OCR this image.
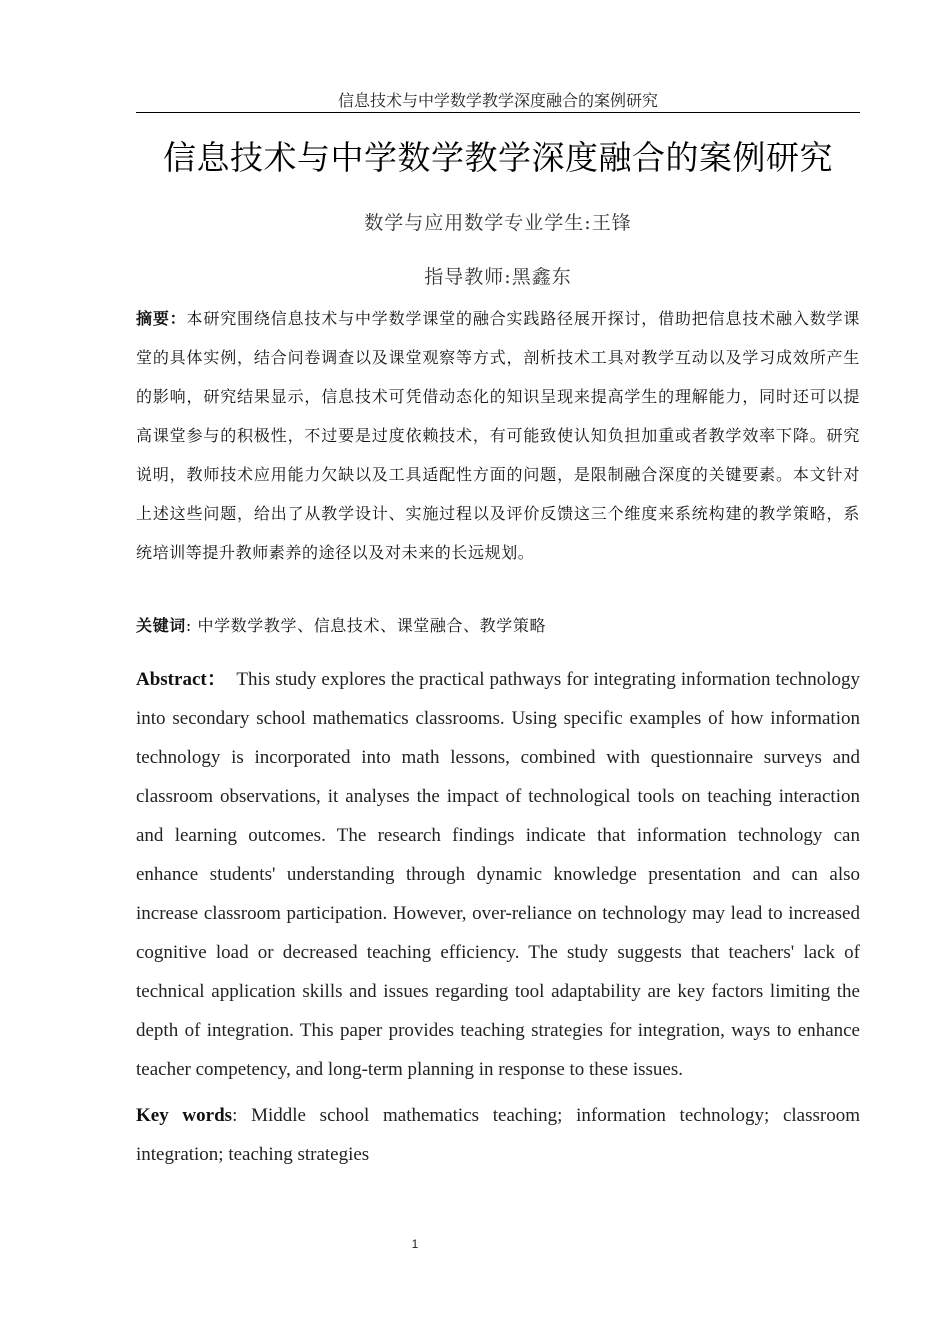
信息技术与中学数学教学深度融合的案例研究
信息技术与中学数学教学深度融合的案例研究
数学与应用数学专业学生:王锋
指导教师:黑鑫东
摘要：本研究围绕信息技术与中学数学课堂的融合实践路径展开探讨，借助把信息技术融入数学课堂的具体实例，结合问卷调查以及课堂观察等方式，剖析技术工具对教学互动以及学习成效所产生的影响，研究结果显示，信息技术可凭借动态化的知识呈现来提高学生的理解能力，同时还可以提高课堂参与的积极性，不过要是过度依赖技术，有可能致使认知负担加重或者教学效率下降。研究说明，教师技术应用能力欠缺以及工具适配性方面的问题，是限制融合深度的关键要素。本文针对上述这些问题，给出了从教学设计、实施过程以及评价反馈这三个维度来系统构建的教学策略，系统培训等提升教师素养的途径以及对未来的长远规划。
关键词: 中学数学教学、信息技术、课堂融合、教学策略
Abstract： This study explores the practical pathways for integrating information technology into secondary school mathematics classrooms. Using specific examples of how information technology is incorporated into math lessons, combined with questionnaire surveys and classroom observations, it analyses the impact of technological tools on teaching interaction and learning outcomes. The research findings indicate that information technology can enhance students' understanding through dynamic knowledge presentation and can also increase classroom participation. However, over-reliance on technology may lead to increased cognitive load or decreased teaching efficiency. The study suggests that teachers' lack of technical application skills and issues regarding tool adaptability are key factors limiting the depth of integration. This paper provides teaching strategies for integration, ways to enhance teacher competency, and long-term planning in response to these issues.
Key words: Middle school mathematics teaching; information technology; classroom integration; teaching strategies
1
